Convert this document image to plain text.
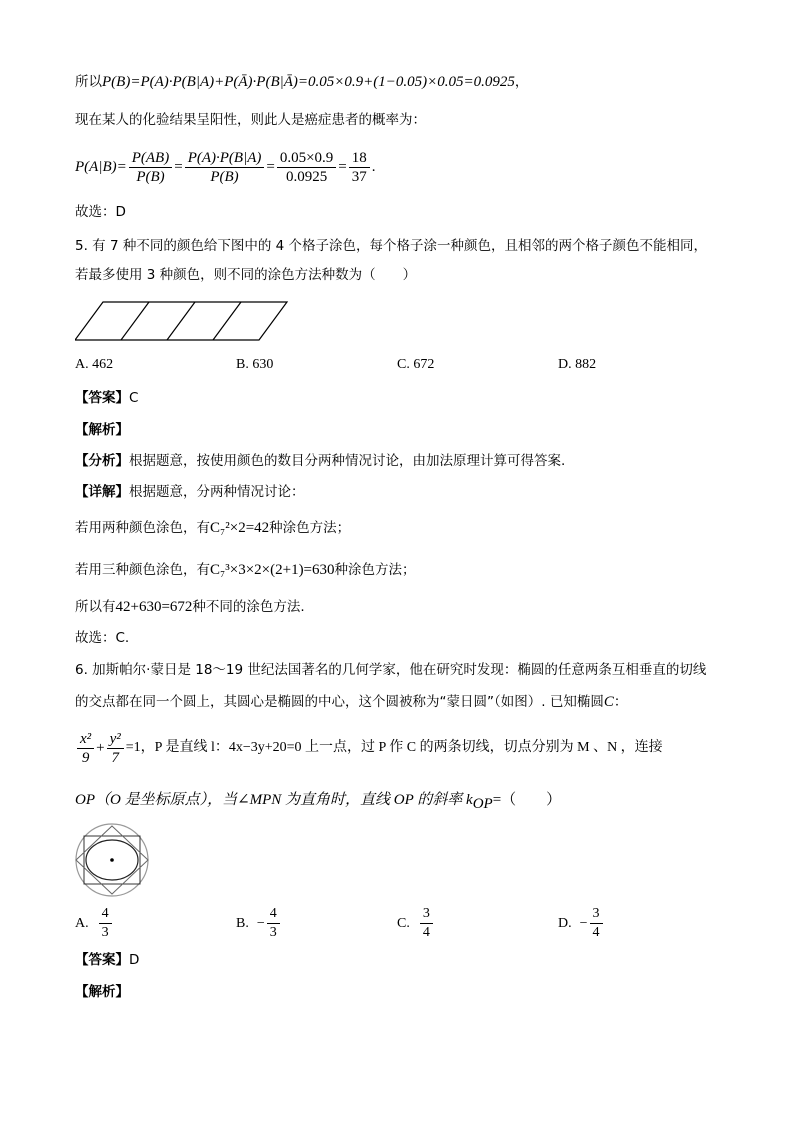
所以P(B)=P(A)·P(B|A)+P(Ā)·P(B|Ā)=0.05×0.9+(1−0.05)×0.05=0.0925，
现在某人的化验结果呈阳性，则此人是癌症患者的概率为：
$P(A|B)= \frac{P(AB)}{P(B)} = \frac{P(A)\cdot P(B|A)}{P(B)} = \frac{0.05\times 0.9}{0.0925} = \frac{18}{37}$ .
故选：D
5. 有 7 种不同的颜色给下图中的 4 个格子涂色，每个格子涂一种颜色，且相邻的两个格子颜色不能相同，
若最多使用 3 种颜色，则不同的涂色方法种数为（　　）
A. 462	B. 630	C. 672	D. 882
【答案】C
【解析】
【分析】根据题意，按使用颜色的数目分两种情况讨论，由加法原理计算可得答案.
【详解】根据题意，分两种情况讨论：
若用两种颜色涂色，有C₇²×2=42种涂色方法；
若用三种颜色涂色，有C₇³×3×2×(2+1)=630种涂色方法；
所以有42+630=672种不同的涂色方法.
故选：C.
6. 加斯帕尔·蒙日是 18～19 世纪法国著名的几何学家，他在研究时发现：椭圆的任意两条互相垂直的切线
的交点都在同一个圆上，其圆心是椭圆的中心，这个圆被称为“蒙日圆”（如图）. 已知椭圆C：
$\frac{\text{x²}}{9} + \frac{\text{y²}}{7} =1$，P 是直线 l：4x−3y+20=0 上一点，过 P 作 C 的两条切线，切点分别为 M 、N ，连接
OP（O 是坐标原点），当∠MPN 为直角时，直线 OP 的斜率 $k_{OP}=$（　　）
A. $\frac{4}{3}$	B. − $\frac{4}{3}$	C. $\frac{3}{4}$	D. − $\frac{3}{4}$
【答案】D
【解析】
